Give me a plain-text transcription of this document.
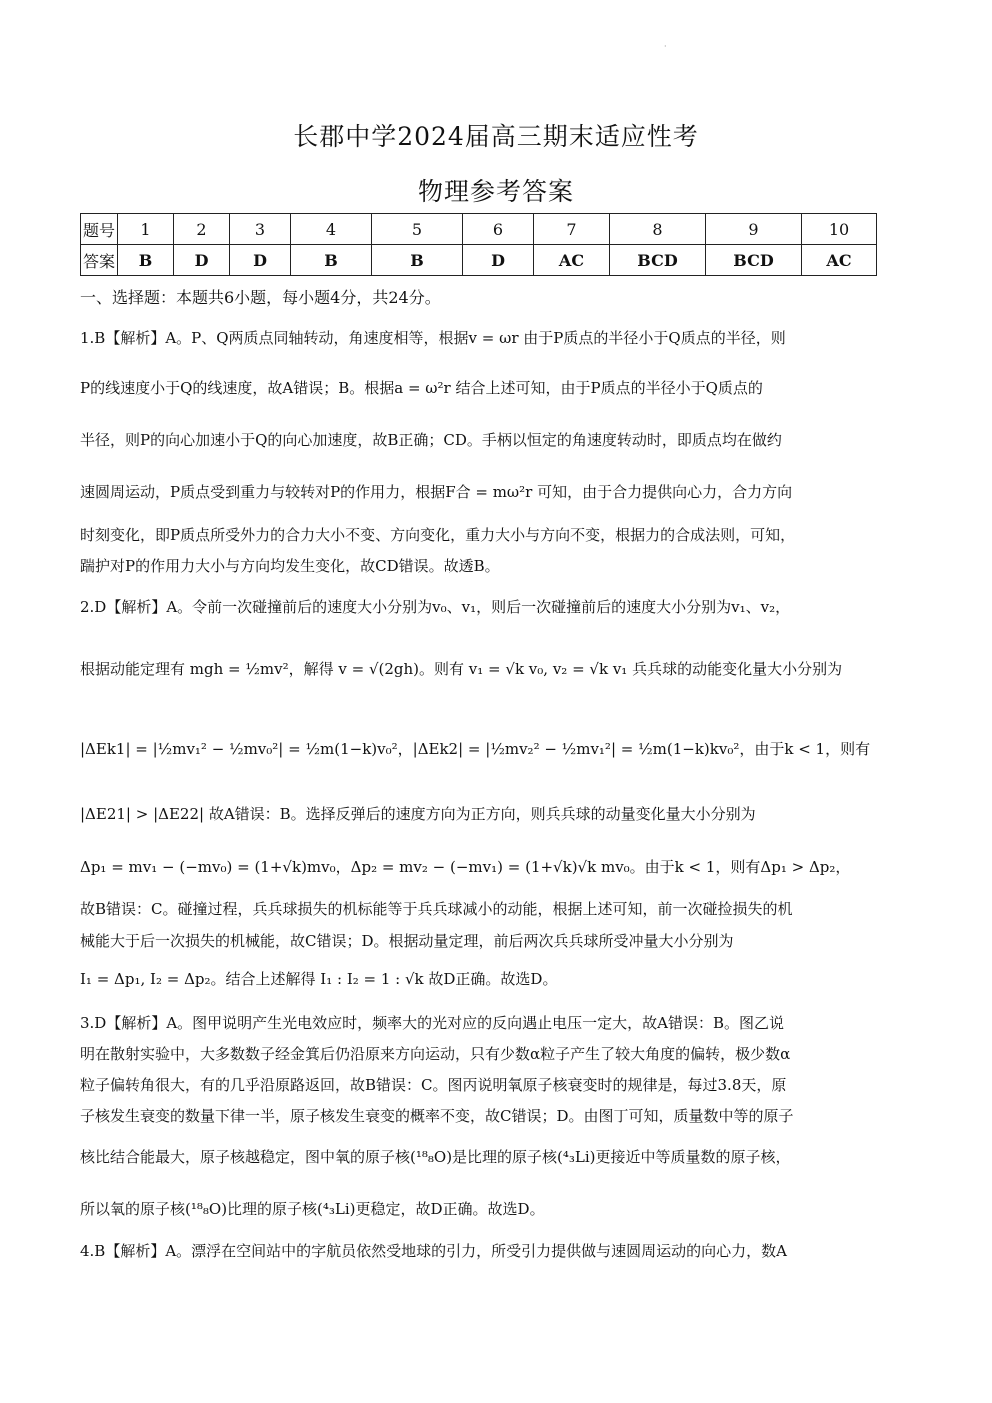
·
长郡中学2024届高三期末适应性考
物理参考答案
题号	1	2	3	4	5	6	7	8	9	10
答案	B	D	D	B	B	D	AC	BCD	BCD	AC
一、选择题：本题共6小题，每小题4分，共24分。
1.B【解析】A。P、Q两质点同轴转动，角速度相等，根据v = ωr 由于P质点的半径小于Q质点的半径，则
P的线速度小于Q的线速度，故A错误；B。根据a = ω²r 结合上述可知，由于P质点的半径小于Q质点的
半径，则P的向心加速小于Q的向心加速度，故B正确；CD。手柄以恒定的角速度转动时，即质点均在做约
速圆周运动，P质点受到重力与较转对P的作用力，根据F合 = mω²r 可知，由于合力提供向心力，合力方向
时刻变化，即P质点所受外力的合力大小不变、方向变化，重力大小与方向不变，根据力的合成法则，可知，
踹护对P的作用力大小与方向均发生变化，故CD错误。故透B。
2.D【解析】A。令前一次碰撞前后的速度大小分别为v₀、v₁，则后一次碰撞前后的速度大小分别为v₁、v₂，
根据动能定理有 mgh = ½mv²，解得 v = √(2gh)。则有 v₁ = √k v₀, v₂ = √k v₁ 兵兵球的动能变化量大小分别为
|ΔEk1| = |½mv₁² − ½mv₀²| = ½m(1−k)v₀²，|ΔEk2| = |½mv₂² − ½mv₁²| = ½m(1−k)kv₀²，由于k < 1，则有
|ΔE21| > |ΔE22| 故A错误：B。选择反弹后的速度方向为正方向，则兵兵球的动量变化量大小分别为
Δp₁ = mv₁ − (−mv₀) = (1+√k)mv₀，Δp₂ = mv₂ − (−mv₁) = (1+√k)√k mv₀。由于k < 1，则有Δp₁ > Δp₂，
故B错误：C。碰撞过程，兵兵球损失的机标能等于兵兵球减小的动能，根据上述可知，前一次碰捡损失的机
械能大于后一次损失的机械能，故C错误；D。根据动量定理，前后两次兵兵球所受冲量大小分别为
I₁ = Δp₁, I₂ = Δp₂。结合上述解得 I₁ : I₂ = 1 : √k 故D正确。故选D。
3.D【解析】A。图甲说明产生光电效应时，频率大的光对应的反向遇止电压一定大，故A错误：B。图乙说
明在散射实验中，大多数数子经金箕后仍沿原来方向运动，只有少数α粒子产生了较大角度的偏转，极少数α
粒子偏转角很大，有的几乎沿原路返回，故B错误：C。图丙说明氧原子核衰变时的规律是，每过3.8天，原
子核发生衰变的数量下律一半，原子核发生衰变的概率不变，故C错误；D。由图丁可知，质量数中等的原子
核比结合能最大，原子核越稳定，图中氧的原子核(¹⁸₈O)是比理的原子核(⁴₃Li)更接近中等质量数的原子核，
所以氧的原子核(¹⁸₈O)比理的原子核(⁴₃Li)更稳定，故D正确。故选D。
4.B【解析】A。漂浮在空间站中的字航员依然受地球的引力，所受引力提供做与速圆周运动的向心力，数A
